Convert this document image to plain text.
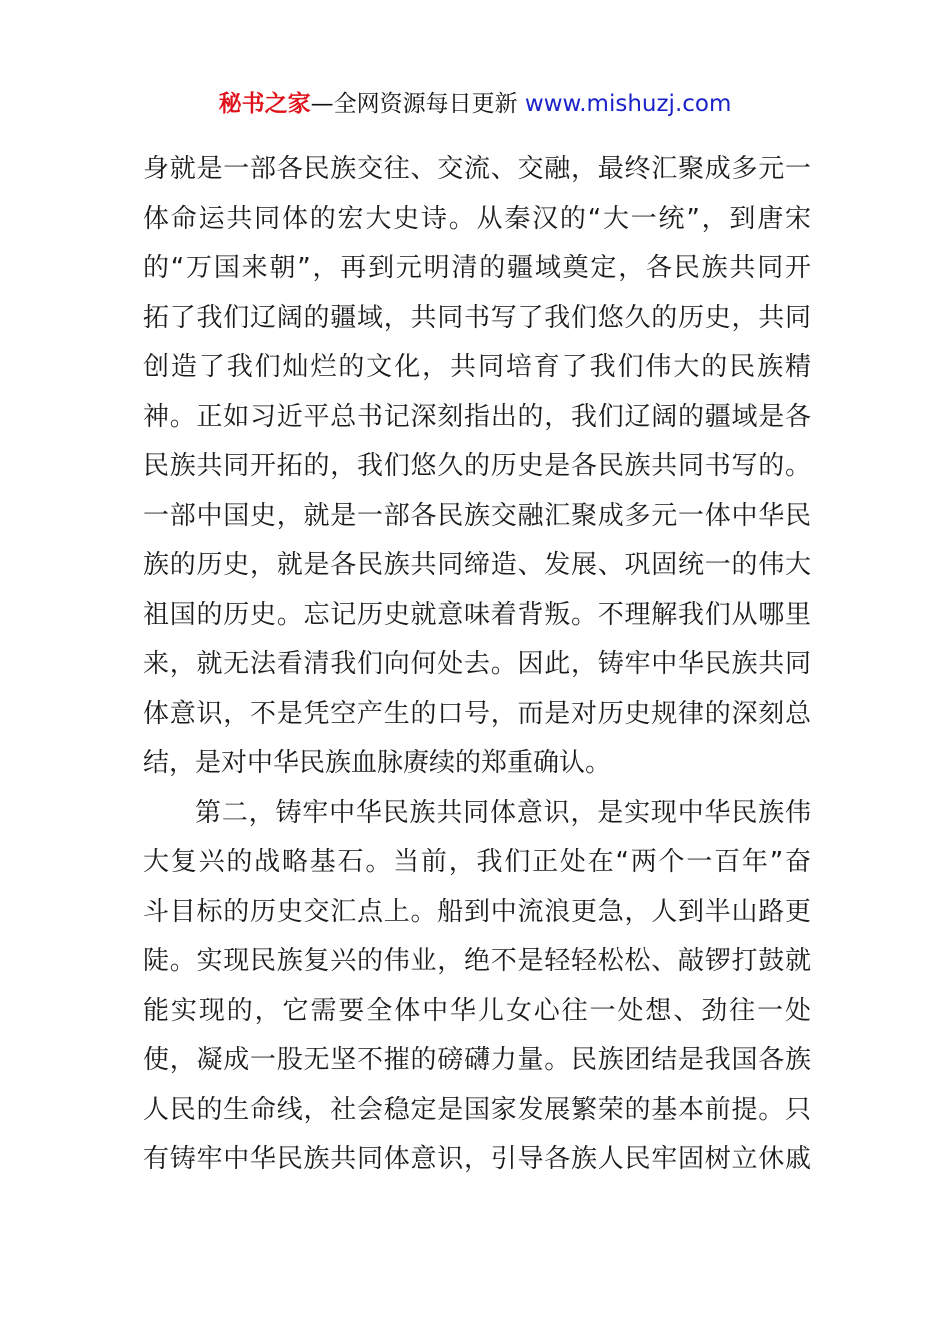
秘书之家—全网资源每日更新 www.mishuzj.com
身就是一部各民族交往、交流、交融，最终汇聚成多元一
体命运共同体的宏大史诗。从秦汉的“大一统”，到唐宋
的“万国来朝”，再到元明清的疆域奠定，各民族共同开
拓了我们辽阔的疆域，共同书写了我们悠久的历史，共同
创造了我们灿烂的文化，共同培育了我们伟大的民族精
神。正如习近平总书记深刻指出的，我们辽阔的疆域是各
民族共同开拓的，我们悠久的历史是各民族共同书写的。
一部中国史，就是一部各民族交融汇聚成多元一体中华民
族的历史，就是各民族共同缔造、发展、巩固统一的伟大
祖国的历史。忘记历史就意味着背叛。不理解我们从哪里
来，就无法看清我们向何处去。因此，铸牢中华民族共同
体意识，不是凭空产生的口号，而是对历史规律的深刻总
结，是对中华民族血脉赓续的郑重确认。
第二，铸牢中华民族共同体意识，是实现中华民族伟
大复兴的战略基石。当前，我们正处在“两个一百年”奋
斗目标的历史交汇点上。船到中流浪更急，人到半山路更
陡。实现民族复兴的伟业，绝不是轻轻松松、敲锣打鼓就
能实现的，它需要全体中华儿女心往一处想、劲往一处
使，凝成一股无坚不摧的磅礴力量。民族团结是我国各族
人民的生命线，社会稳定是国家发展繁荣的基本前提。只
有铸牢中华民族共同体意识，引导各族人民牢固树立休戚
